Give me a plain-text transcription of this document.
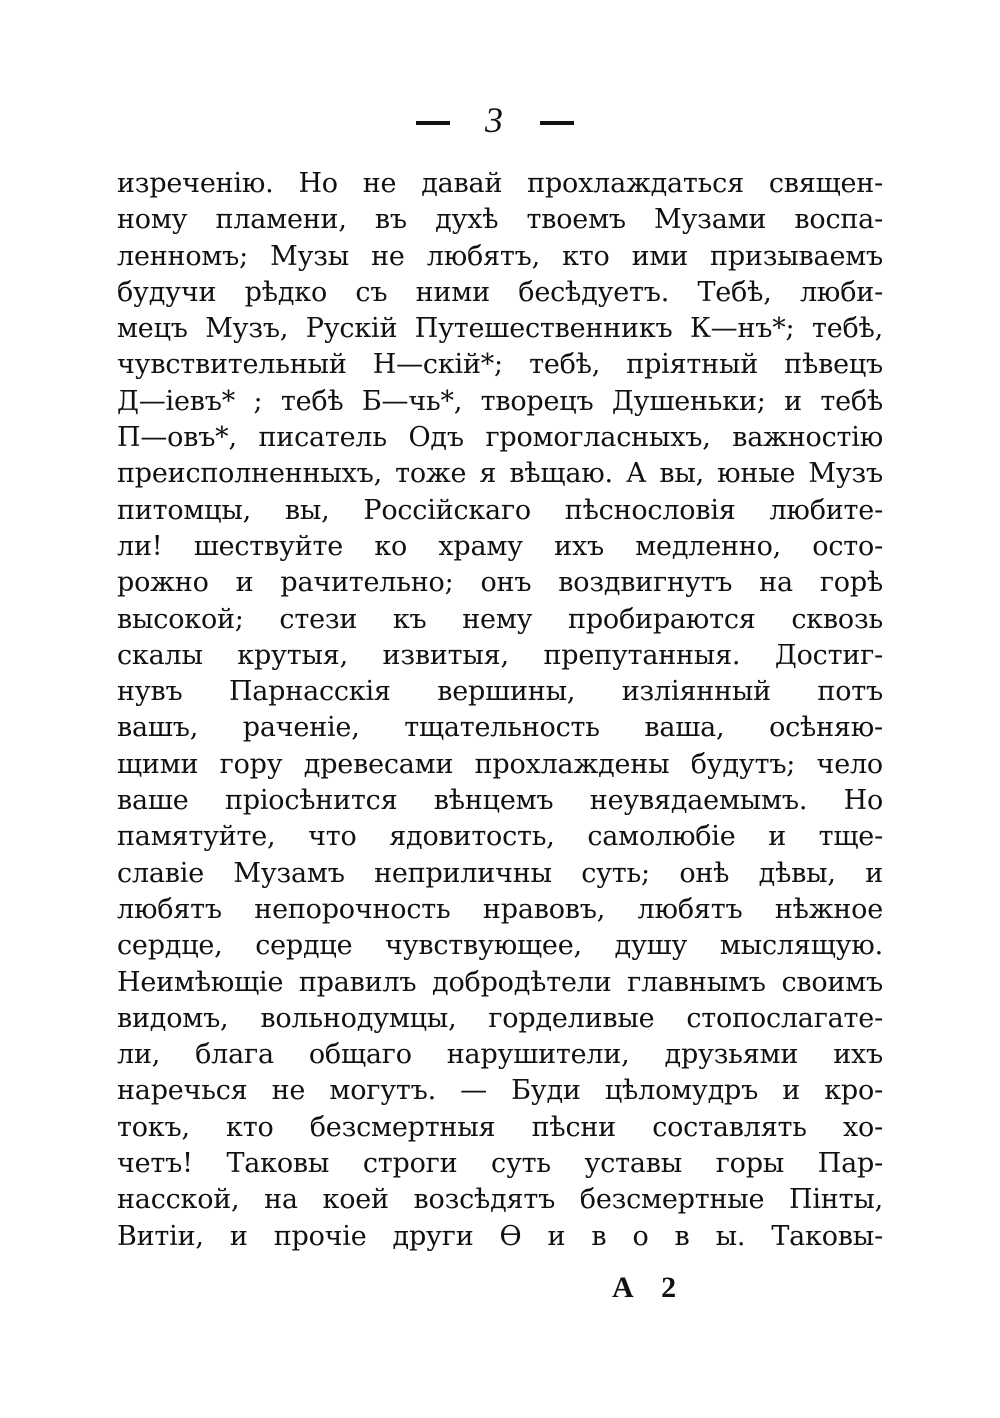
3
изреченію. Но не давай прохлаждаться священ-
ному пламени, въ духѣ твоемъ Музами воспа-
ленномъ; Музы не любятъ, кто ими призываемъ
будучи рѣдко съ ними бесѣдуетъ. Тебѣ, люби-
мецъ Музъ, Рускій Путешественникъ К—нъ*; тебѣ,
чувствительный Н—скій*; тебѣ, пріятный пѣвецъ
Д—іевъ* ; тебѣ Б—чь*, творецъ Душеньки; и тебѣ
П—овъ*, писатель Одъ громогласныхъ, важностію
преисполненныхъ, тоже я вѣщаю. А вы, юные Музъ
питомцы, вы, Россійскаго пѣснословія любите-
ли! шествуйте ко храму ихъ медленно, осто-
рожно и рачительно; онъ воздвигнутъ на горѣ
высокой; стези къ нему пробираются сквозь
скалы крутыя, извитыя, препутанныя. Достиг-
нувъ Парнасскія вершины, изліянный потъ
вашъ, раченіе, тщательность ваша, осѣняю-
щими гору древесами прохлаждены будутъ; чело
ваше пріосѣнится вѣнцемъ неувядаемымъ. Но
памятуйте, что ядовитость, самолюбіе и тще-
славіе Музамъ неприличны суть; онѣ дѣвы, и
любятъ непорочность нравовъ, любятъ нѣжное
сердце, сердце чувствующее, душу мыслящую.
Неимѣющіе правилъ добродѣтели главнымъ своимъ
видомъ, вольнодумцы, горделивые стопослагате-
ли, блага общаго нарушители, друзьями ихъ
наречься не могутъ. — Буди цѣломудръ и кро-
токъ, кто безсмертныя пѣсни составлять хо-
четъ! Таковы строги суть уставы горы Пар-
насской, на коей возсѣдятъ безсмертные Пінты,
Витіи, и прочіе други Ѳ и в о в ы. Таковы-
А 2
